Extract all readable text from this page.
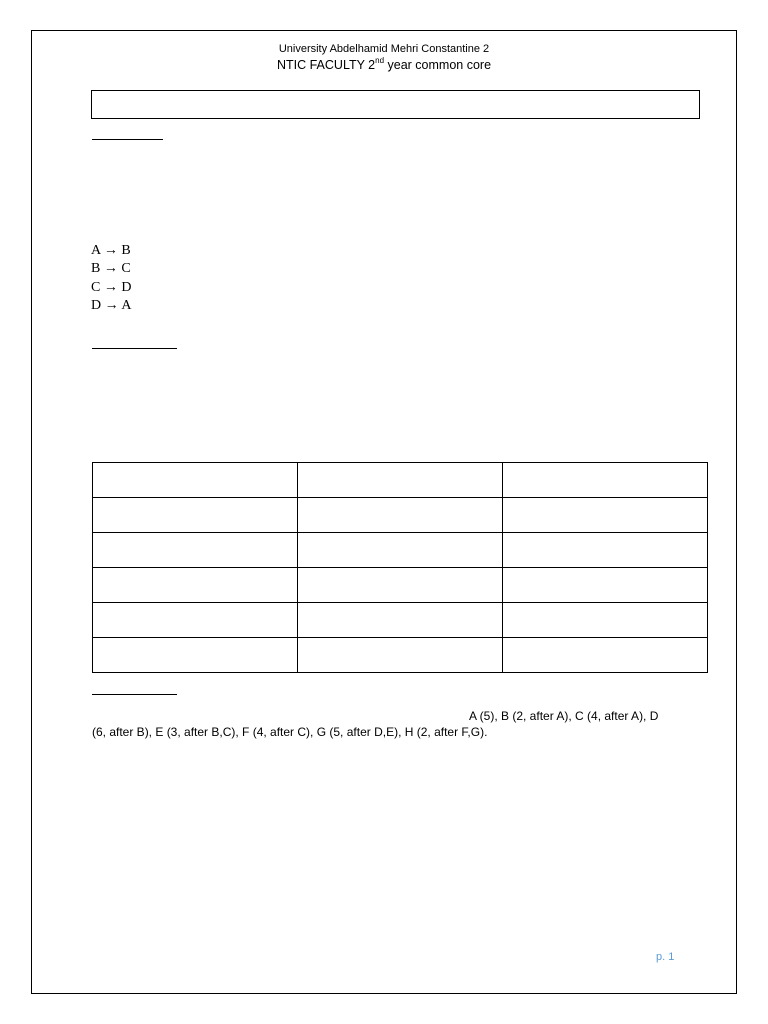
University Abdelhamid Mehri Constantine 2
NTIC FACULTY 2nd year common core
A → B
B → C
C → D
D → A

A (5), B (2, after A), C (4, after A), D
(6, after B), E (3, after B,C), F (4, after C), G (5, after D,E), H (2, after F,G).
p. 1
